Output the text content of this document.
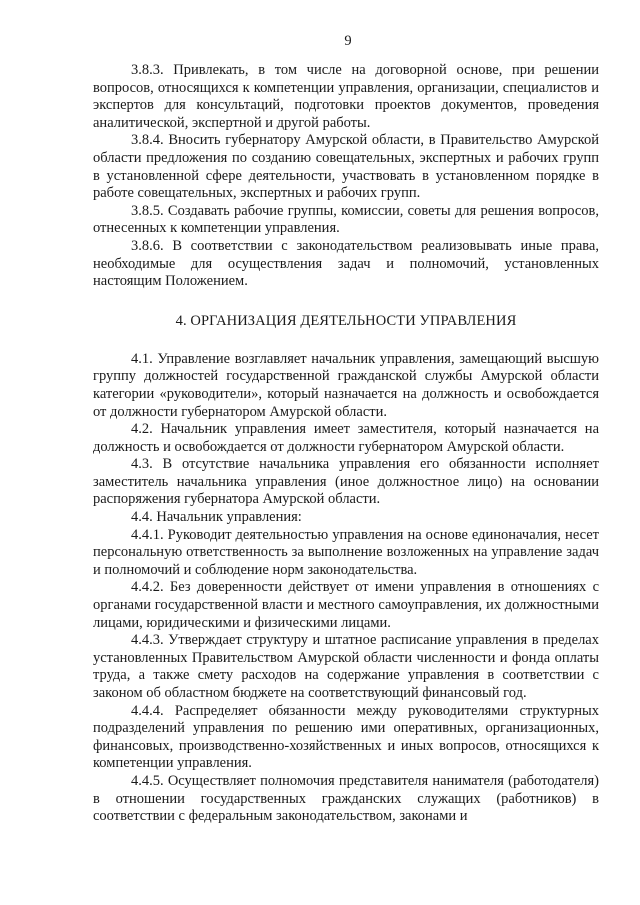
9

3.8.3. Привлекать, в том числе на договорной основе, при решении вопросов, относящихся к компетенции управления, организации, специалистов и экспертов для консультаций, подготовки проектов документов, проведения аналитической, экспертной и другой работы.

3.8.4. Вносить губернатору Амурской области, в Правительство Амурской области предложения по созданию совещательных, экспертных и рабочих групп в установленной сфере деятельности, участвовать в установленном порядке в работе совещательных, экспертных и рабочих групп.

3.8.5. Создавать рабочие группы, комиссии, советы для решения вопросов, отнесенных к компетенции управления.

3.8.6. В соответствии с законодательством реализовывать иные права, необходимые для осуществления задач и полномочий, установленных настоящим Положением.

4. ОРГАНИЗАЦИЯ ДЕЯТЕЛЬНОСТИ УПРАВЛЕНИЯ

4.1. Управление возглавляет начальник управления, замещающий высшую группу должностей государственной гражданской службы Амурской области категории «руководители», который назначается на должность и освобождается от должности губернатором Амурской области.

4.2. Начальник управления имеет заместителя, который назначается на должность и освобождается от должности губернатором Амурской области.

4.3. В отсутствие начальника управления его обязанности исполняет заместитель начальника управления (иное должностное лицо) на основании распоряжения губернатора Амурской области.

4.4. Начальник управления:

4.4.1. Руководит деятельностью управления на основе единоначалия, несет персональную ответственность за выполнение возложенных на управление задач и полномочий и соблюдение норм законодательства.

4.4.2. Без доверенности действует от имени управления в отношениях с органами государственной власти и местного самоуправления, их должностными лицами, юридическими и физическими лицами.

4.4.3. Утверждает структуру и штатное расписание управления в пределах установленных Правительством Амурской области численности и фонда оплаты труда, а также смету расходов на содержание управления в соответствии с законом об областном бюджете на соответствующий финансовый год.

4.4.4. Распределяет обязанности между руководителями структурных подразделений управления по решению ими оперативных, организационных, финансовых, производственно-хозяйственных и иных вопросов, относящихся к компетенции управления.

4.4.5. Осуществляет полномочия представителя нанимателя (работодателя) в отношении государственных гражданских служащих (работников) в соответствии с федеральным законодательством, законами и
